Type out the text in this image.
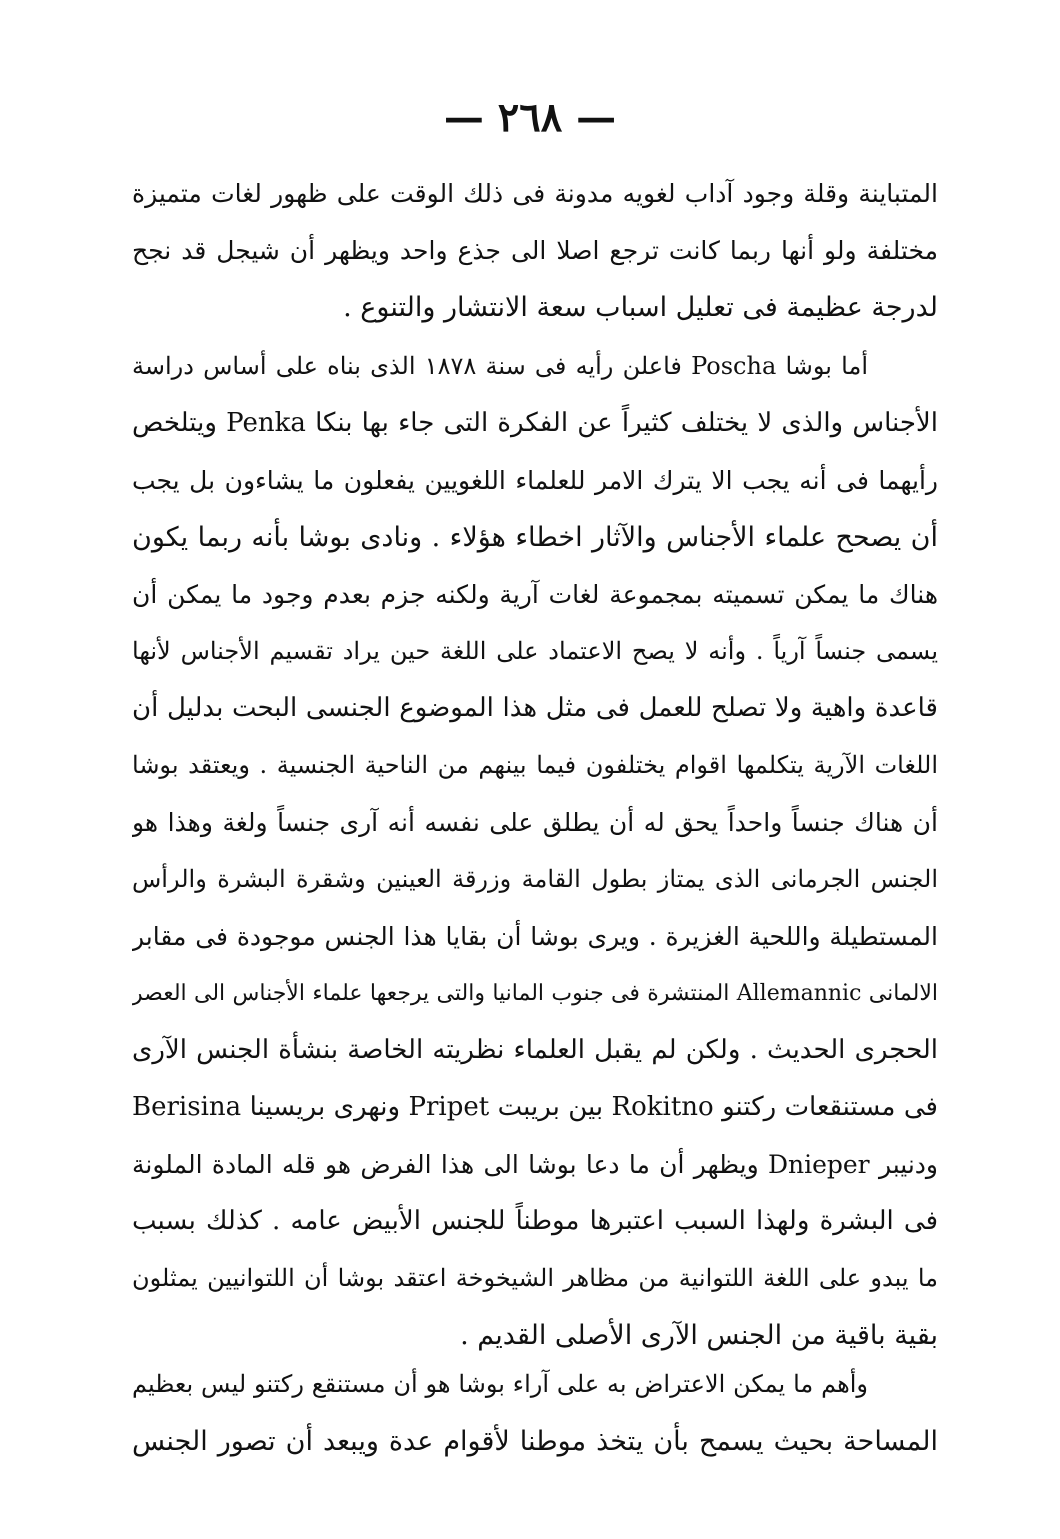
— ٢٦٨ —
المتباينة وقلة وجود آداب لغويه مدونة فى ذلك الوقت على ظهور لغات متميزة
مختلفة ولو أنها ربما كانت ترجع اصلا الى جذع واحد ويظهر أن شيجل قد نجح
لدرجة عظيمة فى تعليل اسباب سعة الانتشار والتنوع .
أما بوشا Poscha فاعلن رأيه فى سنة ١٨٧٨ الذى بناه على أساس دراسة
الأجناس والذى لا يختلف كثيراً عن الفكرة التى جاء بها بنكا Penka ويتلخص
رأيهما فى أنه يجب الا يترك الامر للعلماء اللغويين يفعلون ما يشاءون بل يجب
أن يصحح علماء الأجناس والآثار اخطاء هؤلاء . ونادى بوشا بأنه ربما يكون
هناك ما يمكن تسميته بمجموعة لغات آرية ولكنه جزم بعدم وجود ما يمكن أن
يسمى جنساً آرياً . وأنه لا يصح الاعتماد على اللغة حين يراد تقسيم الأجناس لأنها
قاعدة واهية ولا تصلح للعمل فى مثل هذا الموضوع الجنسى البحت بدليل أن
اللغات الآرية يتكلمها اقوام يختلفون فيما بينهم من الناحية الجنسية . ويعتقد بوشا
أن هناك جنساً واحداً يحق له أن يطلق على نفسه أنه آرى جنساً ولغة وهذا هو
الجنس الجرمانى الذى يمتاز بطول القامة وزرقة العينين وشقرة البشرة والرأس
المستطيلة واللحية الغزيرة . ويرى بوشا أن بقايا هذا الجنس موجودة فى مقابر
الالمانى Allemannic المنتشرة فى جنوب المانيا والتى يرجعها علماء الأجناس الى العصر
الحجرى الحديث . ولكن لم يقبل العلماء نظريته الخاصة بنشأة الجنس الآرى
فى مستنقعات ركتنو Rokitno بين بريبت Pripet ونهرى بريسينا Berisina
ودنيبر Dnieper ويظهر أن ما دعا بوشا الى هذا الفرض هو قله المادة الملونة
فى البشرة ولهذا السبب اعتبرها موطناً للجنس الأبيض عامه . كذلك بسبب
ما يبدو على اللغة اللتوانية من مظاهر الشيخوخة اعتقد بوشا أن اللتوانيين يمثلون
بقية باقية من الجنس الآرى الأصلى القديم .
وأهم ما يمكن الاعتراض به على آراء بوشا هو أن مستنقع ركتنو ليس بعظيم
المساحة بحيث يسمح بأن يتخذ موطنا لأقوام عدة ويبعد أن تصور الجنس
